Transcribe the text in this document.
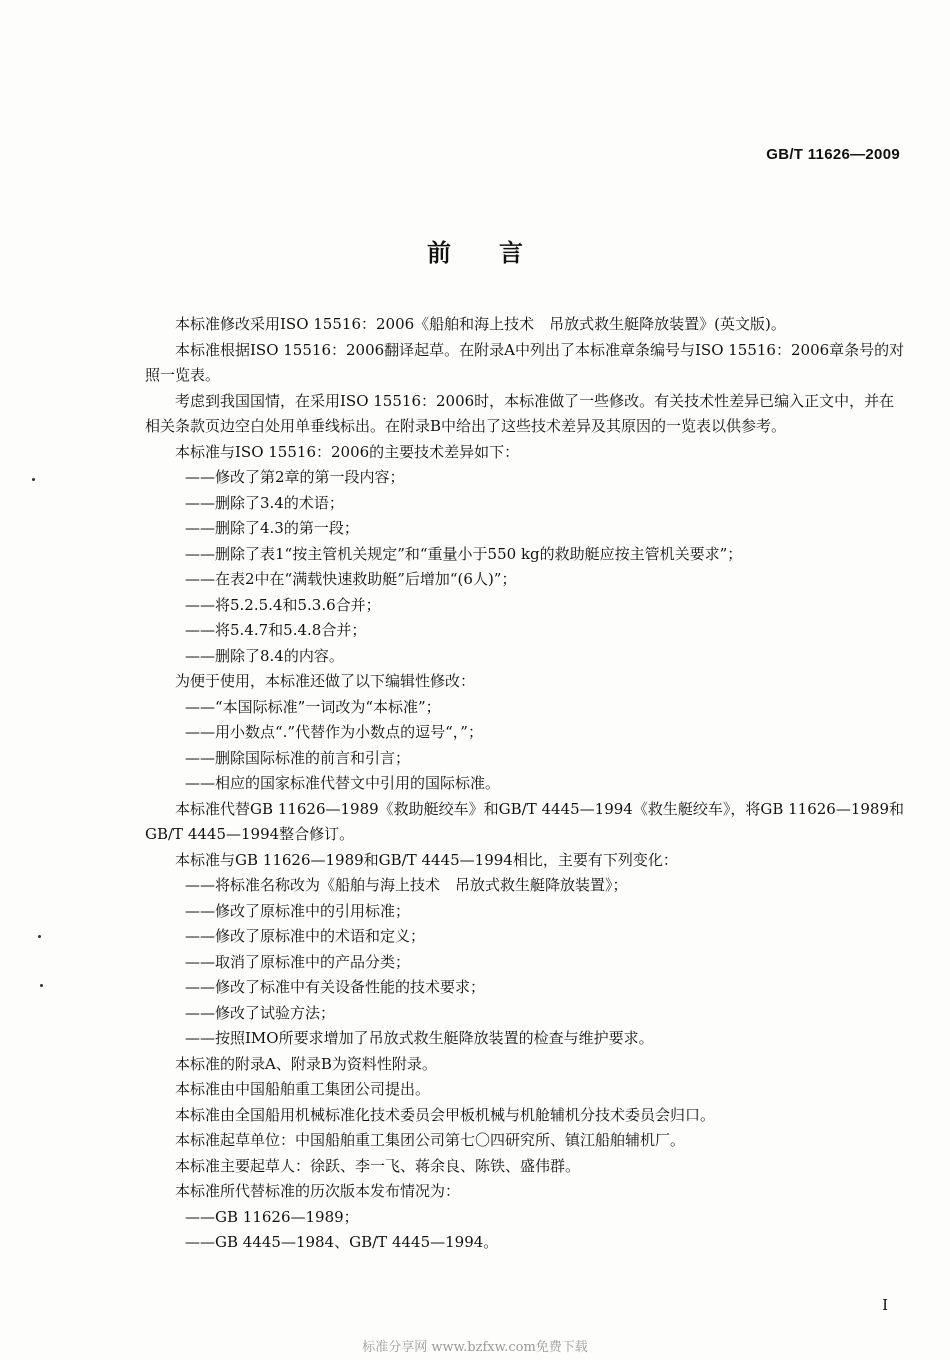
GB/T 11626—2009
前言

本标准修改采用ISO 15516：2006《船舶和海上技术　吊放式救生艇降放装置》(英文版)。

本标准根据ISO 15516：2006翻译起草。在附录A中列出了本标准章条编号与ISO 15516：2006章条号的对照一览表。

考虑到我国国情，在采用ISO 15516：2006时，本标准做了一些修改。有关技术性差异已编入正文中，并在相关条款页边空白处用单垂线标出。在附录B中给出了这些技术差异及其原因的一览表以供参考。

本标准与ISO 15516：2006的主要技术差异如下：

——修改了第2章的第一段内容；

——删除了3.4的术语；

——删除了4.3的第一段；

——删除了表1“按主管机关规定”和“重量小于550 kg的救助艇应按主管机关要求”；

——在表2中在“满载快速救助艇”后增加“(6人)”；

——将5.2.5.4和5.3.6合并；

——将5.4.7和5.4.8合并；

——删除了8.4的内容。

为便于使用，本标准还做了以下编辑性修改：

——“本国际标准”一词改为“本标准”；

——用小数点“.”代替作为小数点的逗号“，”；

——删除国际标准的前言和引言；

——相应的国家标准代替文中引用的国际标准。

本标准代替GB 11626—1989《救助艇绞车》和GB/T 4445—1994《救生艇绞车》，将GB 11626—1989和GB/T 4445—1994整合修订。

本标准与GB 11626—1989和GB/T 4445—1994相比，主要有下列变化：

——将标准名称改为《船舶与海上技术　吊放式救生艇降放装置》；

——修改了原标准中的引用标准；

——修改了原标准中的术语和定义；

——取消了原标准中的产品分类；

——修改了标准中有关设备性能的技术要求；

——修改了试验方法；

——按照IMO所要求增加了吊放式救生艇降放装置的检查与维护要求。

本标准的附录A、附录B为资料性附录。

本标准由中国船舶重工集团公司提出。

本标准由全国船用机械标准化技术委员会甲板机械与机舱辅机分技术委员会归口。

本标准起草单位：中国船舶重工集团公司第七〇四研究所、镇江船舶辅机厂。

本标准主要起草人：徐跃、李一飞、蒋余良、陈铁、盛伟群。

本标准所代替标准的历次版本发布情况为：

——GB 11626—1989；

——GB 4445—1984、GB/T 4445—1994。

I
标准分享网 www.bzfxw.com免费下载
